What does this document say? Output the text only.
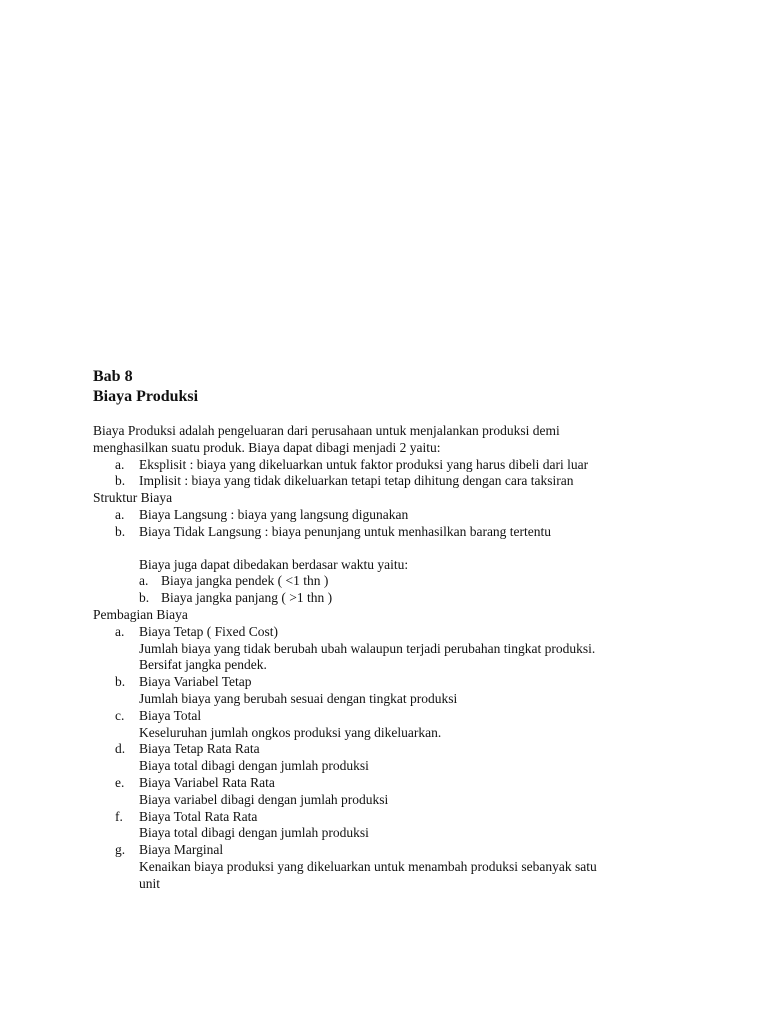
Bab 8
Biaya Produksi
Biaya Produksi adalah pengeluaran dari perusahaan untuk menjalankan produksi demi
menghasilkan suatu produk. Biaya dapat dibagi menjadi 2 yaitu:
a. Eksplisit : biaya yang dikeluarkan untuk faktor produksi yang harus dibeli dari luar
b. Implisit : biaya yang tidak dikeluarkan tetapi tetap dihitung dengan cara taksiran
Struktur Biaya
a. Biaya Langsung : biaya yang langsung digunakan
b. Biaya Tidak Langsung : biaya penunjang untuk menhasilkan barang tertentu
Biaya juga dapat dibedakan berdasar waktu yaitu:
a. Biaya jangka pendek ( <1 thn )
b. Biaya jangka panjang ( >1 thn )
Pembagian Biaya
a. Biaya Tetap ( Fixed Cost)
Jumlah biaya yang tidak berubah ubah walaupun terjadi perubahan tingkat produksi.
Bersifat jangka pendek.
b. Biaya Variabel Tetap
Jumlah biaya yang berubah sesuai dengan tingkat produksi
c. Biaya Total
Keseluruhan jumlah ongkos produksi yang dikeluarkan.
d. Biaya Tetap Rata Rata
Biaya total dibagi dengan jumlah produksi
e. Biaya Variabel Rata Rata
Biaya variabel dibagi dengan jumlah produksi
f. Biaya Total Rata Rata
Biaya total dibagi dengan jumlah produksi
g. Biaya Marginal
Kenaikan biaya produksi yang dikeluarkan untuk menambah produksi sebanyak satu
unit
